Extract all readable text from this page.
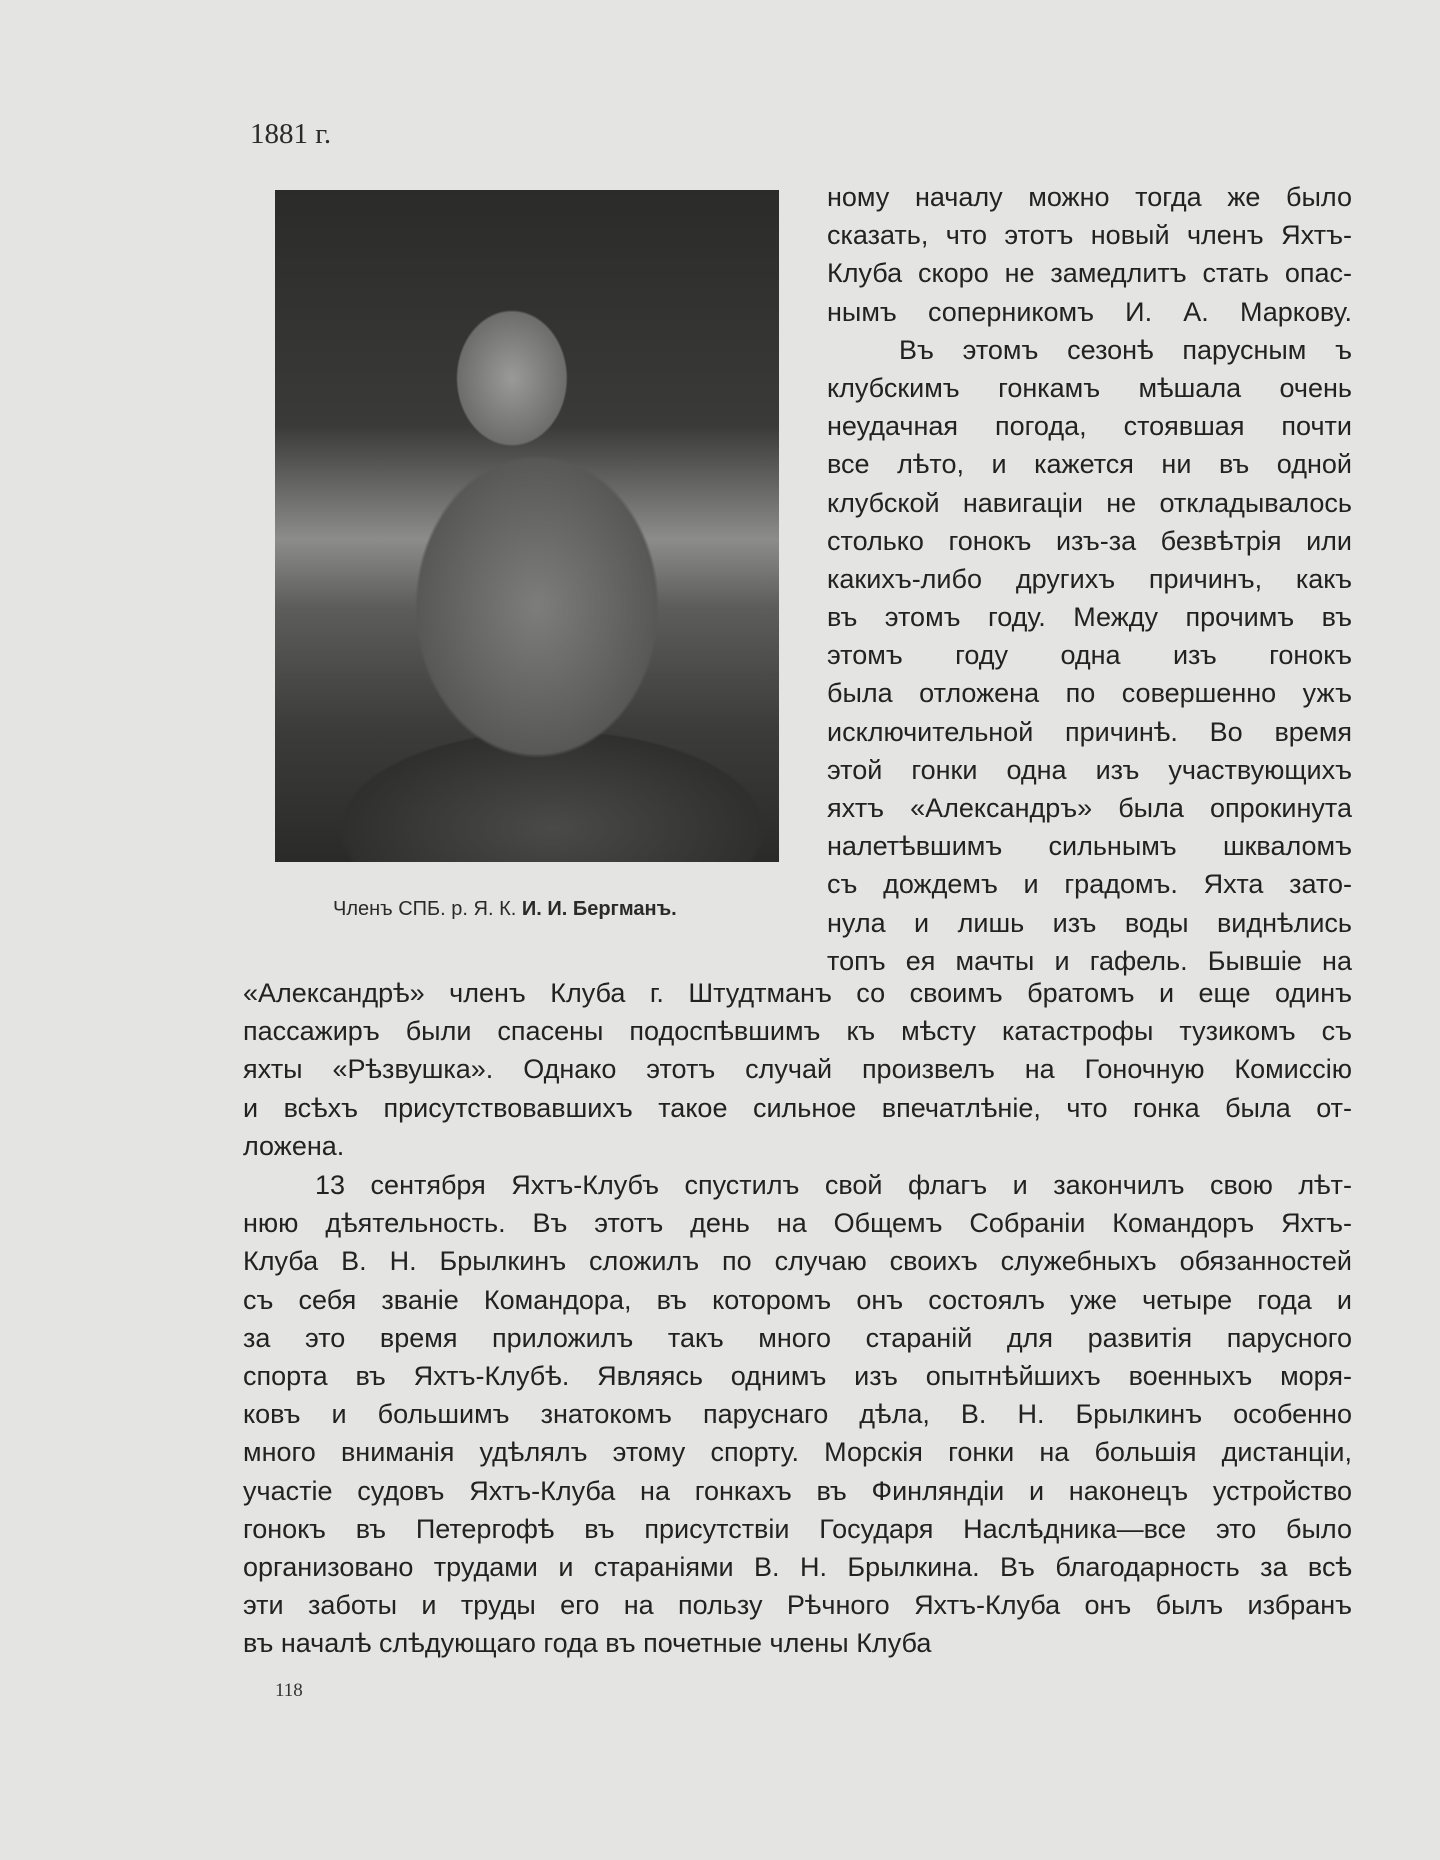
1881 г.
Членъ СПБ. р. Я. К. И. И. Бергманъ.
ному началу можно тогда же было
сказать, что этотъ новый членъ Яхтъ-
Клуба скоро не замедлитъ стать опас-
нымъ соперникомъ И. А. Маркову.
Въ этомъ сезонѣ парусным ъ
клубскимъ гонкамъ мѣшала очень
неудачная погода, стоявшая почти
все лѣто, и кажется ни въ одной
клубской навигаціи не откладывалось
столько гонокъ изъ-за безвѣтрія или
какихъ-либо другихъ причинъ, какъ
въ этомъ году. Между прочимъ въ
этомъ году одна изъ гонокъ
была отложена по совершенно ужъ
исключительной причинѣ. Во время
этой гонки одна изъ участвующихъ
яхтъ «Александръ» была опрокинута
налетѣвшимъ сильнымъ шкваломъ
съ дождемъ и градомъ. Яхта зато-
нула и лишь изъ воды виднѣлись
топъ ея мачты и гафель. Бывшіе на
«Александрѣ» членъ Клуба г. Штудтманъ со своимъ братомъ и еще одинъ
пассажиръ были спасены подоспѣвшимъ къ мѣсту катастрофы тузикомъ съ
яхты «Рѣзвушка». Однако этотъ случай произвелъ на Гоночную Комиссію
и всѣхъ присутствовавшихъ такое сильное впечатлѣніе, что гонка была от-
ложена.
13 сентября Яхтъ-Клубъ спустилъ свой флагъ и закончилъ свою лѣт-
нюю дѣятельность. Въ этотъ день на Общемъ Собраніи Командоръ Яхтъ-
Клуба В. Н. Брылкинъ сложилъ по случаю своихъ служебныхъ обязанностей
съ себя званіе Командора, въ которомъ онъ состоялъ уже четыре года и
за это время приложилъ такъ много стараній для развитія парусного
спорта въ Яхтъ-Клубѣ. Являясь однимъ изъ опытнѣйшихъ военныхъ моря-
ковъ и большимъ знатокомъ паруснаго дѣла, В. Н. Брылкинъ особенно
много вниманія удѣлялъ этому спорту. Морскія гонки на большія дистанціи,
участіе судовъ Яхтъ-Клуба на гонкахъ въ Финляндіи и наконецъ устройство
гонокъ въ Петергофѣ въ присутствіи Государя Наслѣдника—все это было
организовано трудами и стараніями В. Н. Брылкина. Въ благодарность за всѣ
эти заботы и труды его на пользу Рѣчного Яхтъ-Клуба онъ былъ избранъ
въ началѣ слѣдующаго года въ почетные члены Клуба
118
